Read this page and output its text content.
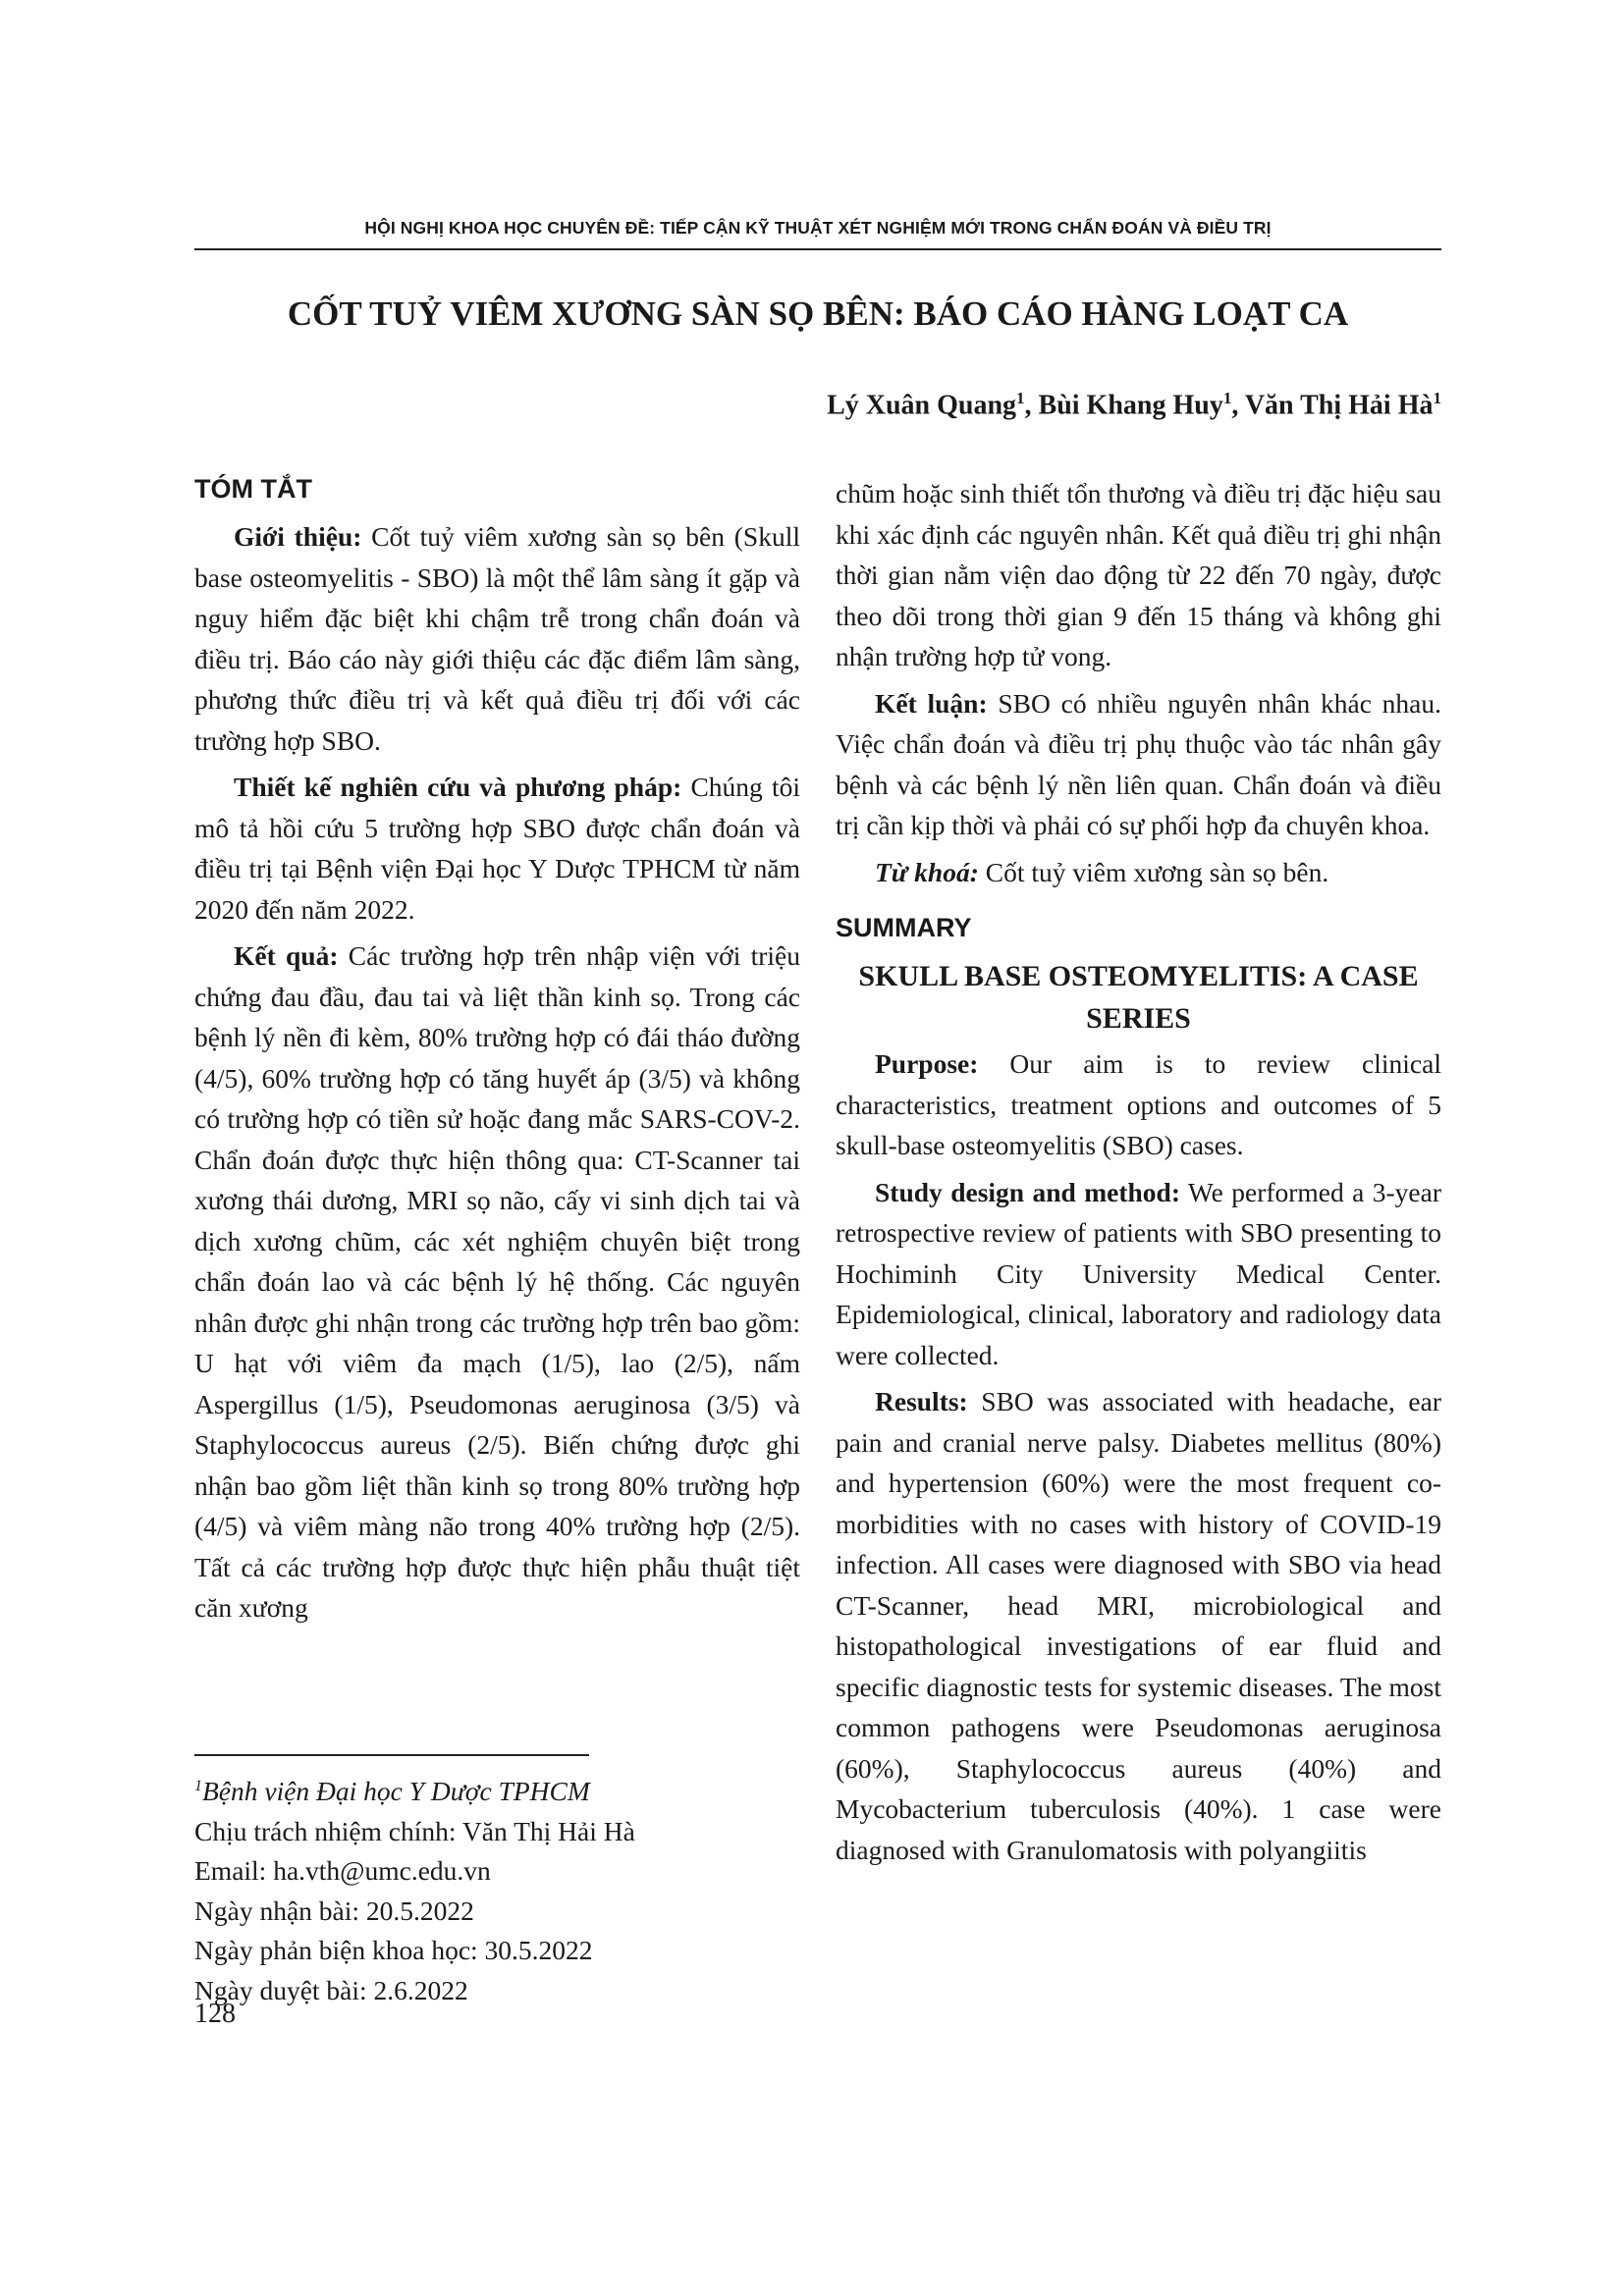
HỘI NGHỊ KHOA HỌC CHUYÊN ĐỀ: TIẾP CẬN KỸ THUẬT XÉT NGHIỆM MỚI TRONG CHẨN ĐOÁN VÀ ĐIỀU TRỊ
CỐT TUỶ VIÊM XƯƠNG SÀN SỌ BÊN: BÁO CÁO HÀNG LOẠT CA
Lý Xuân Quang$^1$, Bùi Khang Huy$^1$, Văn Thị Hải $Hà^1$
TÓM TẮT

Giới thiệu: Cốt tuỷ viêm xương sàn sọ bên (Skull base osteomyelitis - SBO) là một thể lâm sàng ít gặp và nguy hiểm đặc biệt khi chậm trễ trong chẩn đoán và điều trị. Báo cáo này giới thiệu các đặc điểm lâm sàng, phương thức điều trị và kết quả điều trị đối với các trường hợp SBO.

Thiết kế nghiên cứu và phương pháp: Chúng tôi mô tả hồi cứu 5 trường hợp SBO được chẩn đoán và điều trị tại Bệnh viện Đại học Y Dược TPHCM từ năm 2020 đến năm 2022.

Kết quả: Các trường hợp trên nhập viện với triệu chứng đau đầu, đau tai và liệt thần kinh sọ. Trong các bệnh lý nền đi kèm, 80% trường hợp có đái tháo đường (4/5), 60% trường hợp có tăng huyết áp (3/5) và không có trường hợp có tiền sử hoặc đang mắc SARS-COV-2. Chẩn đoán được thực hiện thông qua: CT-Scanner tai xương thái dương, MRI sọ não, cấy vi sinh dịch tai và dịch xương chũm, các xét nghiệm chuyên biệt trong chẩn đoán lao và các bệnh lý hệ thống. Các nguyên nhân được ghi nhận trong các trường hợp trên bao gồm: U hạt với viêm đa mạch (1/5), lao (2/5), nấm Aspergillus (1/5), Pseudomonas aeruginosa (3/5) và Staphylococcus aureus (2/5). Biến chứng được ghi nhận bao gồm liệt thần kinh sọ trong 80% trường hợp (4/5) và viêm màng não trong 40% trường hợp (2/5). Tất cả các trường hợp được thực hiện phẫu thuật tiệt căn xương

chũm hoặc sinh thiết tổn thương và điều trị đặc hiệu sau khi xác định các nguyên nhân. Kết quả điều trị ghi nhận thời gian nằm viện dao động từ 22 đến 70 ngày, được theo dõi trong thời gian 9 đến 15 tháng và không ghi nhận trường hợp tử vong.

Kết luận: SBO có nhiều nguyên nhân khác nhau. Việc chẩn đoán và điều trị phụ thuộc vào tác nhân gây bệnh và các bệnh lý nền liên quan. Chẩn đoán và điều trị cần kịp thời và phải có sự phối hợp đa chuyên khoa.

Từ khoá: Cốt tuỷ viêm xương sàn sọ bên.

SUMMARY
SKULL BASE OSTEOMYELITIS: A CASE SERIES

Purpose: Our aim is to review clinical characteristics, treatment options and outcomes of 5 skull-base osteomyelitis (SBO) cases.

Study design and method: We performed a 3-year retrospective review of patients with SBO presenting to Hochiminh City University Medical Center. Epidemiological, clinical, laboratory and radiology data were collected.

Results: SBO was associated with headache, ear pain and cranial nerve palsy. Diabetes mellitus (80%) and hypertension (60%) were the most frequent co-morbidities with no cases with history of COVID-19 infection. All cases were diagnosed with SBO via head CT-Scanner, head MRI, microbiological and histopathological investigations of ear fluid and specific diagnostic tests for systemic diseases. The most common pathogens were Pseudomonas aeruginosa (60%), Staphylococcus aureus (40%) and Mycobacterium tuberculosis (40%). 1 case were diagnosed with Granulomatosis with polyangiitis

$^1$Bệnh viện Đại học Y Dược TPHCM
Chịu trách nhiệm chính: Văn Thị Hải Hà
Email: ha.vth@umc.edu.vn
Ngày nhận bài: 20.5.2022
Ngày phản biện khoa học: 30.5.2022
Ngày duyệt bài: 2.6.2022
128
